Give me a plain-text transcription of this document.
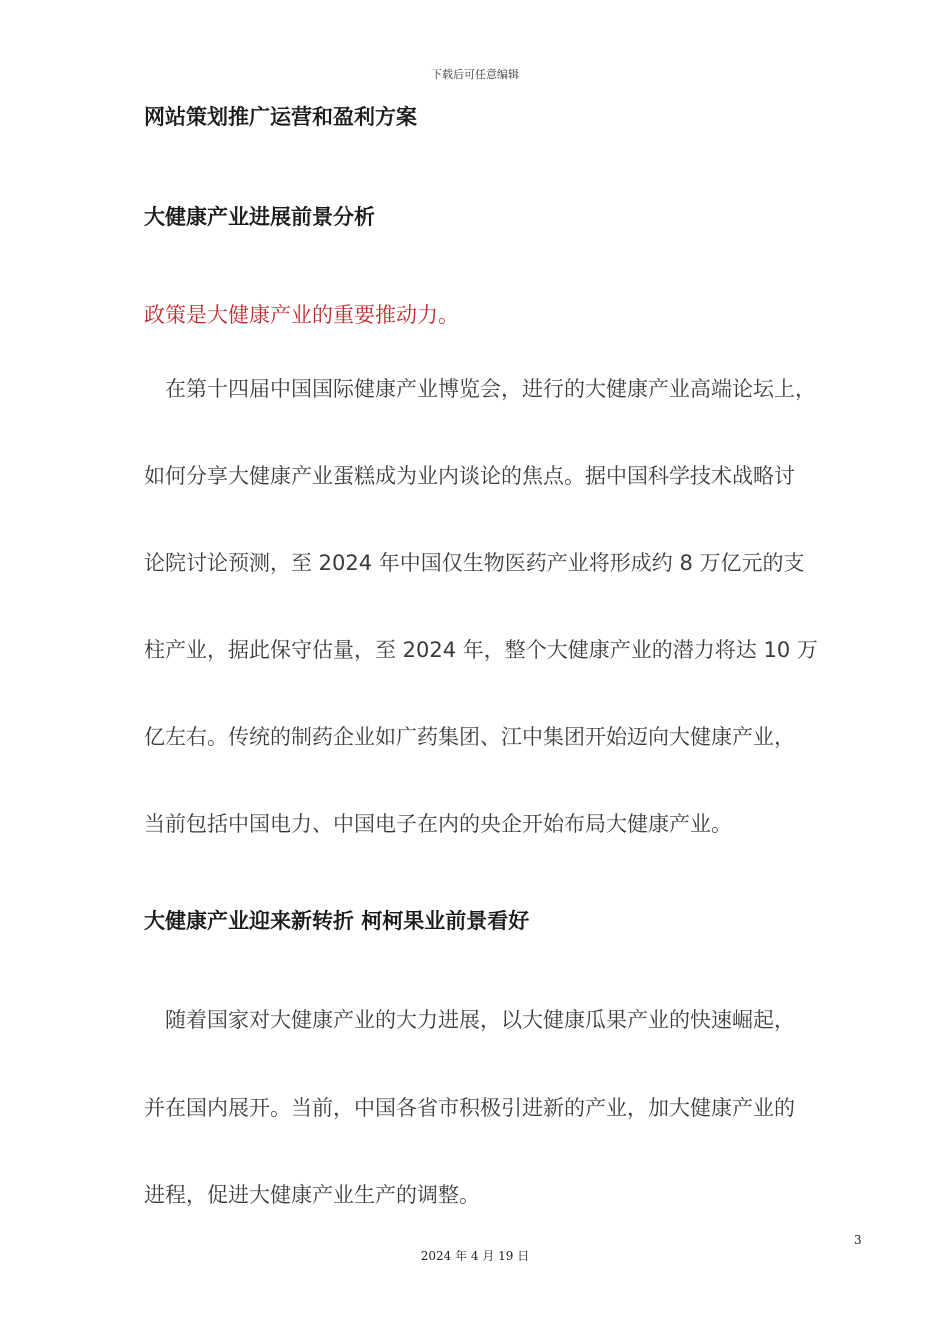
下载后可任意编辑
网站策划推广运营和盈利方案
大健康产业进展前景分析
政策是大健康产业的重要推动力。
　在第十四届中国国际健康产业博览会，进行的大健康产业高端论坛上，
如何分享大健康产业蛋糕成为业内谈论的焦点。据中国科学技术战略讨
论院讨论预测，至 2024 年中国仅生物医药产业将形成约 8 万亿元的支
柱产业，据此保守估量，至 2024 年，整个大健康产业的潜力将达 10 万
亿左右。传统的制药企业如广药集团、江中集团开始迈向大健康产业，
当前包括中国电力、中国电子在内的央企开始布局大健康产业。
大健康产业迎来新转折 柯柯果业前景看好
　随着国家对大健康产业的大力进展，以大健康瓜果产业的快速崛起，
并在国内展开。当前，中国各省市积极引进新的产业，加大健康产业的
进程，促进大健康产业生产的调整。
3
2024 年 4 月 19 日
